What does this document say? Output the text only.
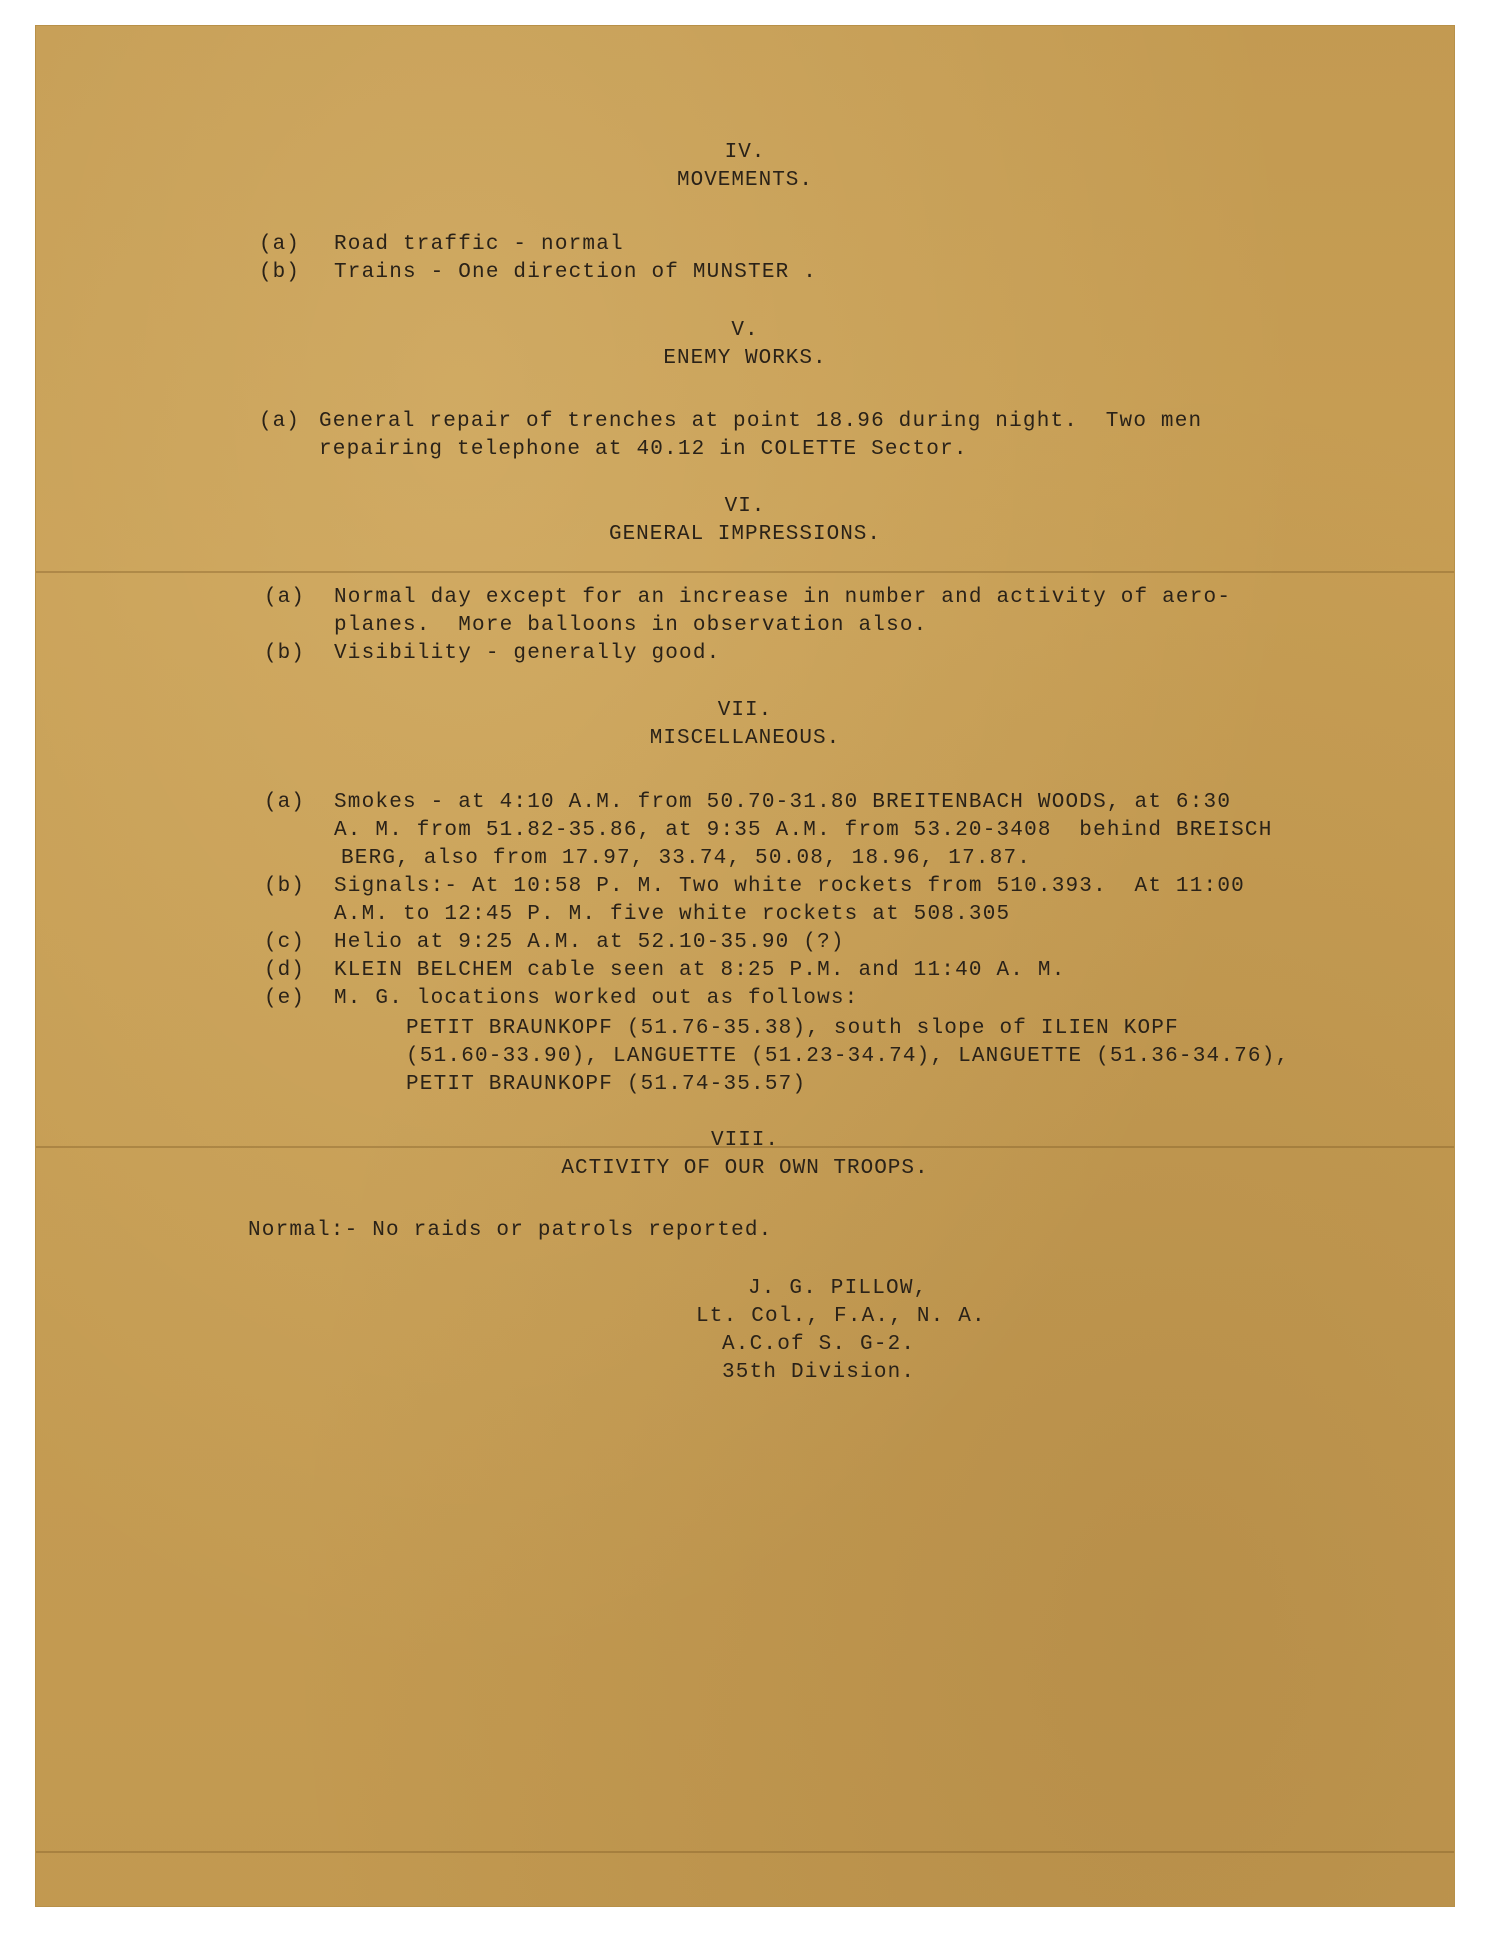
IV.
MOVEMENTS.
(a) Road traffic - normal
(b) Trains - One direction of MUNSTER .
V.
ENEMY WORKS.
(a) General repair of trenches at point 18.96 during night.  Two men
repairing telephone at 40.12 in COLETTE Sector.
VI.
GENERAL IMPRESSIONS.
(a) Normal day except for an increase in number and activity of aero-
planes.  More balloons in observation also.
(b) Visibility - generally good.
VII.
MISCELLANEOUS.
(a) Smokes - at 4:10 A.M. from 50.70-31.80 BREITENBACH WOODS, at 6:30
A. M. from 51.82-35.86, at 9:35 A.M. from 53.20-3408  behind BREISCH
BERG, also from 17.97, 33.74, 50.08, 18.96, 17.87.
(b) Signals:- At 10:58 P. M. Two white rockets from 510.393.  At 11:00
A.M. to 12:45 P. M. five white rockets at 508.305
(c) Helio at 9:25 A.M. at 52.10-35.90 (?)
(d) KLEIN BELCHEM cable seen at 8:25 P.M. and 11:40 A. M.
(e) M. G. locations worked out as follows:
PETIT BRAUNKOPF (51.76-35.38), south slope of ILIEN KOPF
(51.60-33.90), LANGUETTE (51.23-34.74), LANGUETTE (51.36-34.76),
PETIT BRAUNKOPF (51.74-35.57)
VIII.
ACTIVITY OF OUR OWN TROOPS.
Normal:- No raids or patrols reported.
J. G. PILLOW,
Lt. Col., F.A., N. A.
A.C.of S. G-2.
35th Division.
